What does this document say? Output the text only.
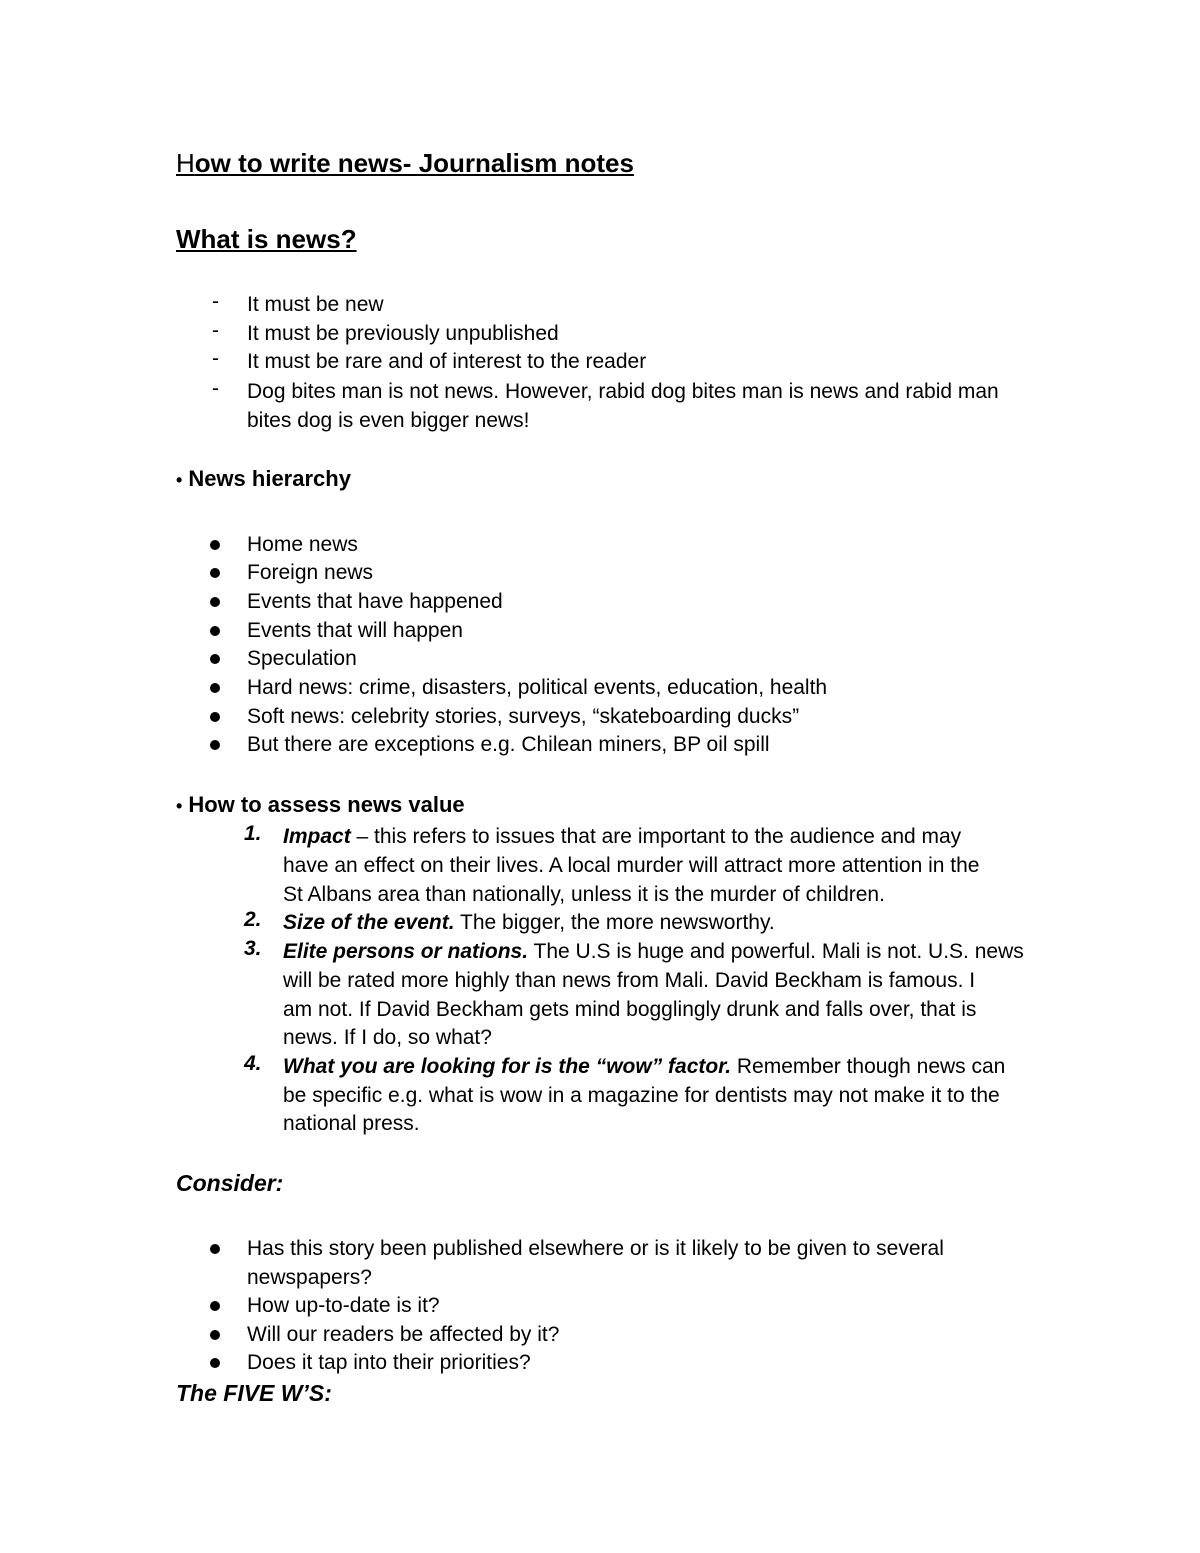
How to write news- Journalism notes
What is news?
- It must be new
- It must be previously unpublished
- It must be rare and of interest to the reader
- Dog bites man is not news. However, rabid dog bites man is news and rabid man
bites dog is even bigger news!
• News hierarchy
Home news
Foreign news
Events that have happened
Events that will happen
Speculation
Hard news: crime, disasters, political events, education, health
Soft news: celebrity stories, surveys, “skateboarding ducks”
But there are exceptions e.g. Chilean miners, BP oil spill
• How to assess news value
1. Impact – this refers to issues that are important to the audience and may
have an effect on their lives. A local murder will attract more attention in the
St Albans area than nationally, unless it is the murder of children.
2. Size of the event. The bigger, the more newsworthy.
3. Elite persons or nations. The U.S is huge and powerful. Mali is not. U.S. news
will be rated more highly than news from Mali. David Beckham is famous. I
am not. If David Beckham gets mind bogglingly drunk and falls over, that is
news. If I do, so what?
4. What you are looking for is the “wow” factor. Remember though news can
be specific e.g. what is wow in a magazine for dentists may not make it to the
national press.
Consider:
Has this story been published elsewhere or is it likely to be given to several
newspapers?
How up-to-date is it?
Will our readers be affected by it?
Does it tap into their priorities?
The FIVE W’S:
